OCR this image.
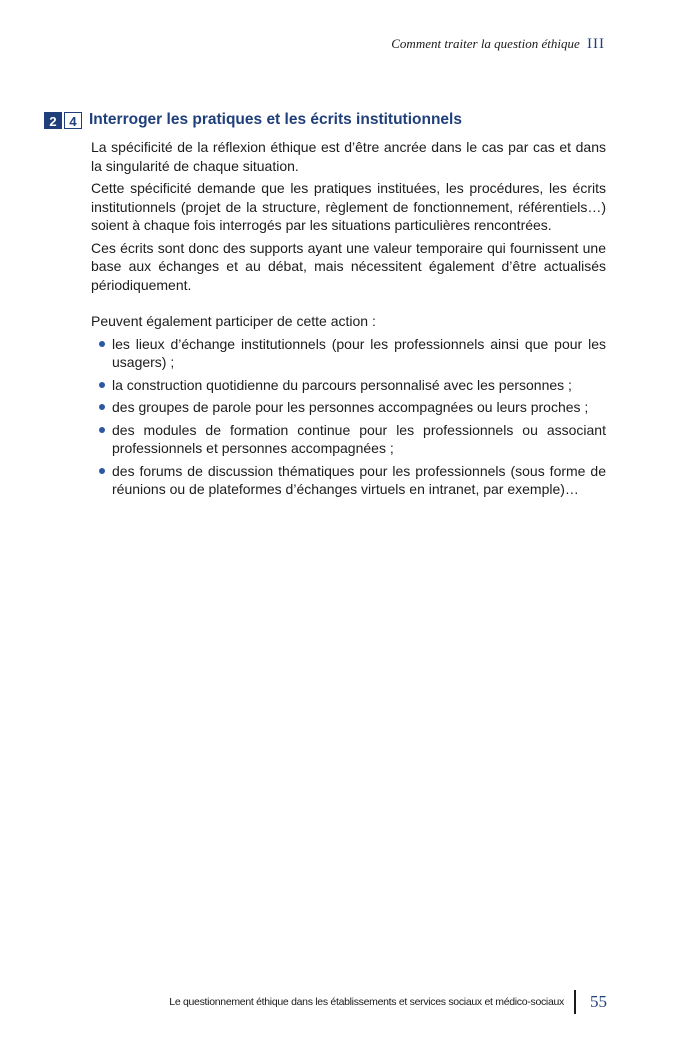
Comment traiter la question éthique III
2 4 Interroger les pratiques et les écrits institutionnels

La spécificité de la réflexion éthique est d’être ancrée dans le cas par cas et dans la singularité de chaque situation.

Cette spécificité demande que les pratiques instituées, les procédures, les écrits institutionnels (projet de la structure, règlement de fonctionnement, référentiels…) soient à chaque fois interrogés par les situations particulières rencontrées.

Ces écrits sont donc des supports ayant une valeur temporaire qui fournissent une base aux échanges et au débat, mais nécessitent également d’être actualisés périodiquement.

Peuvent également participer de cette action :

les lieux d’échange institutionnels (pour les professionnels ainsi que pour les usagers) ;
la construction quotidienne du parcours personnalisé avec les personnes ;
des groupes de parole pour les personnes accompagnées ou leurs proches ;
des modules de formation continue pour les professionnels ou associant professionnels et personnes accompagnées ;
des forums de discussion thématiques pour les professionnels (sous forme de réunions ou de plateformes d’échanges virtuels en intranet, par exemple)…
Le questionnement éthique dans les établissements et services sociaux et médico-sociaux 55
